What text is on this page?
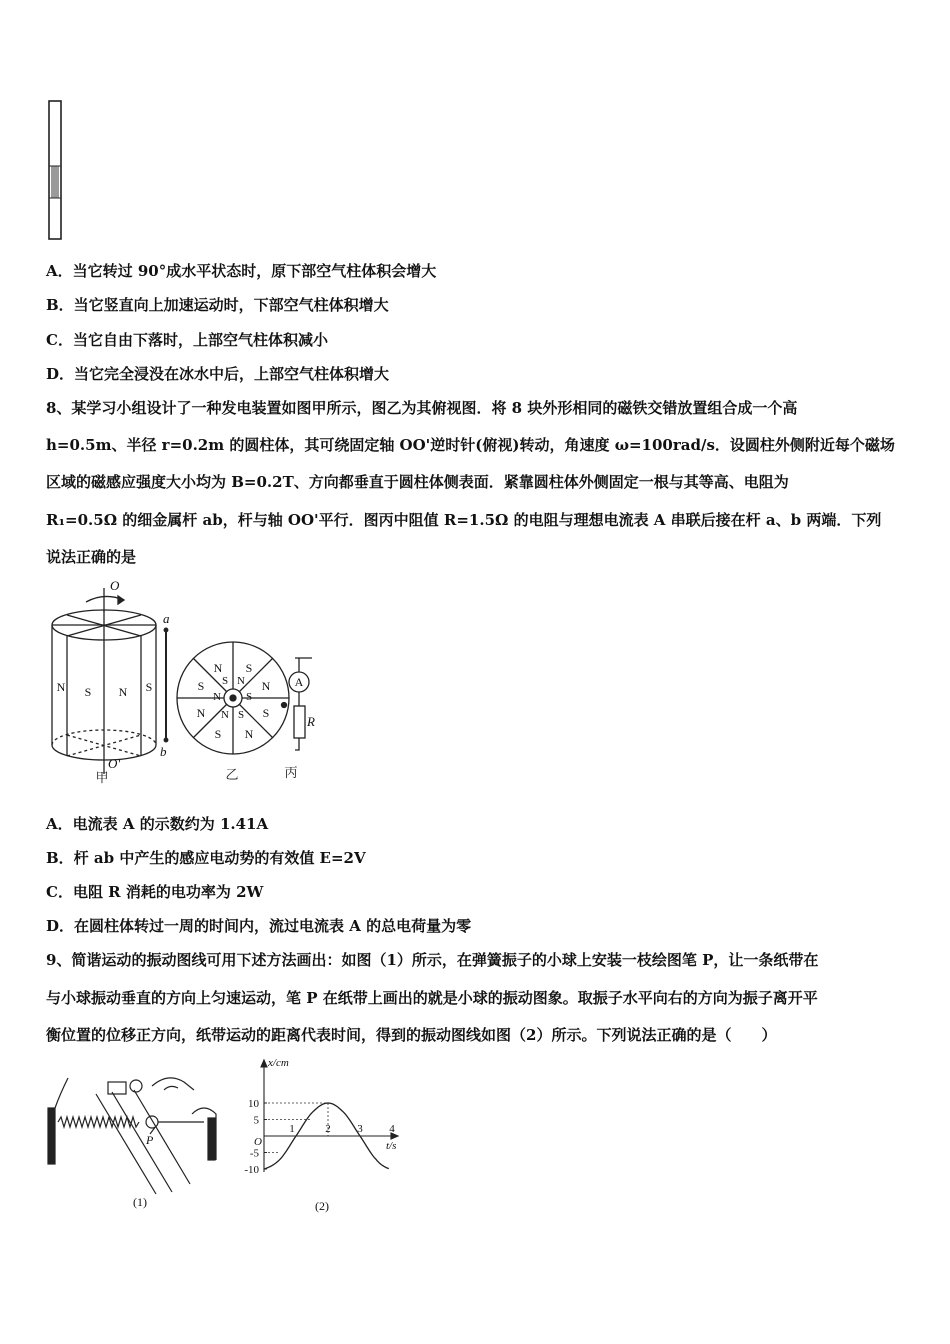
A．当它转过 90°成水平状态时，原下部空气柱体积会增大
B．当它竖直向上加速运动时，下部空气柱体积增大
C．当它自由下落时，上部空气柱体积减小
D．当它完全浸没在冰水中后，上部空气柱体积增大
8、某学习小组设计了一种发电装置如图甲所示，图乙为其俯视图．将 8 块外形相同的磁铁交错放置组合成一个高
h=0.5m、半径 r=0.2m 的圆柱体，其可绕固定轴 OO'逆时针(俯视)转动，角速度 ω=100rad/s．设圆柱外侧附近每个磁场
区域的磁感应强度大小均为 B=0.2T、方向都垂直于圆柱体侧表面．紧靠圆柱体外侧固定一根与其等高、电阻为
R₁=0.5Ω 的细金属杆 ab，杆与轴 OO'平行．图丙中阻值 R=1.5Ω 的电阻与理想电流表 A 串联后接在杆 a、b 两端．下列
说法正确的是
O
O'
a
b
R
N S N S
N S
S	N
N	S
S N
S N
N S
N S
A
甲	乙	丙
A．电流表 A 的示数约为 1.41A
B．杆 ab 中产生的感应电动势的有效值 E=2V
C．电阻 R 消耗的电功率为 2W
D．在圆柱体转过一周的时间内，流过电流表 A 的总电荷量为零
9、简谐运动的振动图线可用下述方法画出：如图（1）所示，在弹簧振子的小球上安装一枝绘图笔 P，让一条纸带在
与小球振动垂直的方向上匀速运动，笔 P 在纸带上画出的就是小球的振动图象。取振子水平向右的方向为振子离开平
衡位置的位移正方向，纸带运动的距离代表时间，得到的振动图线如图（2）所示。下列说法正确的是（　　）
P
(1)
x/cm
O	t/s
10
5
-5
-10
1	2 3 4
(2)
